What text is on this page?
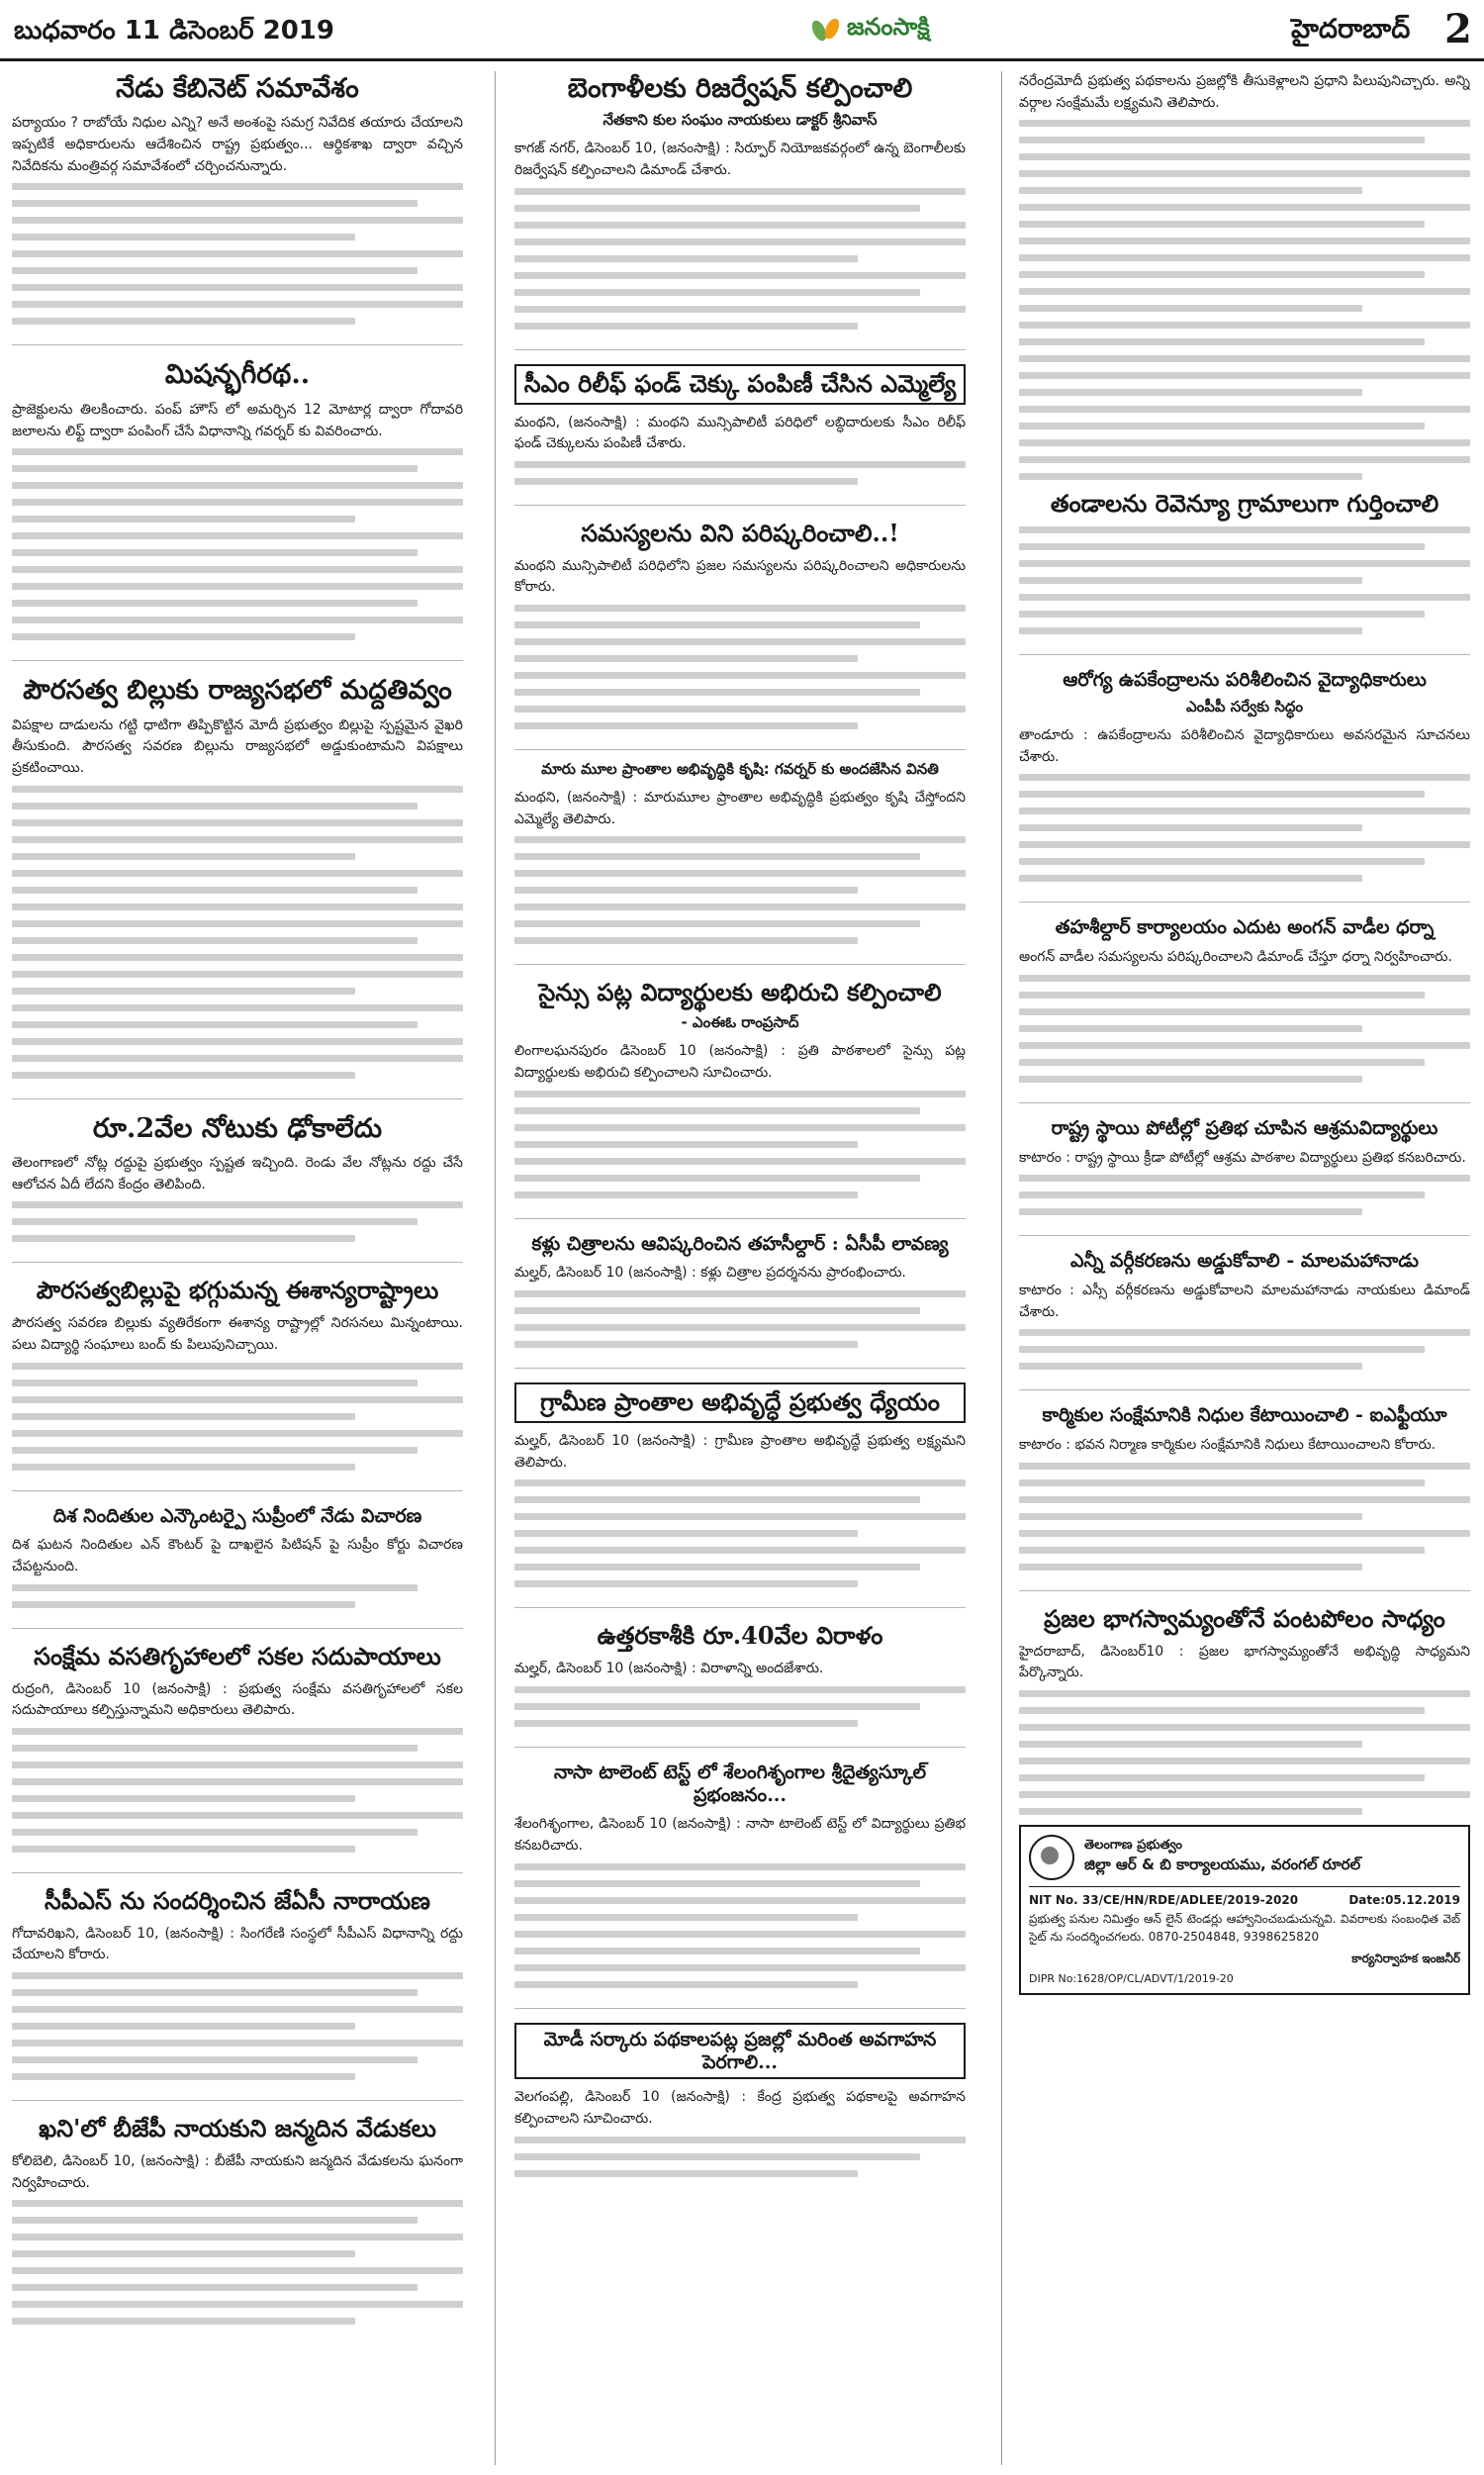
బుధవారం 11 డిసెంబర్ 2019	జనంసాక్షి	హైదరాబాద్ 2
నేడు కేబినెట్ సమావేశం

పర్యాయం ? రాబోయే నిధుల ఎన్ని? అనే అంశంపై సమగ్ర నివేదిక తయారు చేయాలని ఇప్పటికే అధికారులను ఆదేశించిన రాష్ట్ర ప్రభుత్వం... ఆర్థికశాఖ ద్వారా వచ్చిన నివేదికను మంత్రివర్గ సమావేశంలో చర్చించనున్నారు.

మిషన్భగీరథ..

ప్రాజెక్టులను తిలకించారు. పంప్ హౌస్ లో అమర్చిన 12 మోటార్ల ద్వారా గోదావరి జలాలను లిఫ్ట్ ద్వారా పంపింగ్ చేసే విధానాన్ని గవర్నర్ కు వివరించారు.

పౌరసత్వ బిల్లుకు రాజ్యసభలో మద్దతివ్వం

విపక్షాల దాడులను గట్టి ధాటిగా తిప్పికొట్టిన మోదీ ప్రభుత్వం బిల్లుపై స్పష్టమైన వైఖరి తీసుకుంది. పౌరసత్వ సవరణ బిల్లును రాజ్యసభలో అడ్డుకుంటామని విపక్షాలు ప్రకటించాయి.

రూ.2వేల నోటుకు ఢోకాలేదు

తెలంగాణలో నోట్ల రద్దుపై ప్రభుత్వం స్పష్టత ఇచ్చింది. రెండు వేల నోట్లను రద్దు చేసే ఆలోచన ఏదీ లేదని కేంద్రం తెలిపింది.

పౌరసత్వబిల్లుపై భగ్గుమన్న ఈశాన్యరాష్ట్రాలు

పౌరసత్వ సవరణ బిల్లుకు వ్యతిరేకంగా ఈశాన్య రాష్ట్రాల్లో నిరసనలు మిన్నంటాయి. పలు విద్యార్థి సంఘాలు బంద్ కు పిలుపునిచ్చాయి.

దిశ నిందితుల ఎన్కౌంటర్పై సుప్రీంలో నేడు విచారణ

దిశ ఘటన నిందితుల ఎన్ కౌంటర్ పై దాఖలైన పిటిషన్ పై సుప్రీం కోర్టు విచారణ చేపట్టనుంది.

సంక్షేమ వసతిగృహాలలో సకల సదుపాయాలు

రుద్రంగి, డిసెంబర్ 10 (జనంసాక్షి) : ప్రభుత్వ సంక్షేమ వసతిగృహాలలో సకల సదుపాయాలు కల్పిస్తున్నామని అధికారులు తెలిపారు.

సీపీఎస్ ను సందర్శించిన జేఏసీ నారాయణ

గోదావరిఖని, డిసెంబర్ 10, (జనంసాక్షి) : సింగరేణి సంస్థలో సీపీఎస్ విధానాన్ని రద్దు చేయాలని కోరారు.

ఖని'లో బీజేపీ నాయకుని జన్మదిన వేడుకలు

కోలిబెలి, డిసెంబర్ 10, (జనంసాక్షి) : బీజేపీ నాయకుని జన్మదిన వేడుకలను ఘనంగా నిర్వహించారు.

బెంగాళీలకు రిజర్వేషన్ కల్పించాలి
నేతకాని కుల సంఘం నాయకులు డాక్టర్ శ్రీనివాస్

కాగజ్ నగర్, డిసెంబర్ 10, (జనంసాక్షి) : సిర్పూర్ నియోజకవర్గంలో ఉన్న బెంగాలీలకు రిజర్వేషన్ కల్పించాలని డిమాండ్ చేశారు.

సీఎం రిలీఫ్ ఫండ్ చెక్కు పంపిణీ చేసిన ఎమ్మెల్యే

మంథని, (జనంసాక్షి) : మంథని మున్సిపాలిటీ పరిధిలో లబ్ధిదారులకు సీఎం రిలీఫ్ ఫండ్ చెక్కులను పంపిణీ చేశారు.

సమస్యలను విని పరిష్కరించాలి..!

మంథని మున్సిపాలిటీ పరిధిలోని ప్రజల సమస్యలను పరిష్కరించాలని అధికారులను కోరారు.

మారు మూల ప్రాంతాల అభివృద్ధికి కృషి: గవర్నర్ కు అందజేసిన వినతి

మంథని, (జనంసాక్షి) : మారుమూల ప్రాంతాల అభివృద్ధికి ప్రభుత్వం కృషి చేస్తోందని ఎమ్మెల్యే తెలిపారు.

సైన్సు పట్ల విద్యార్థులకు అభిరుచి కల్పించాలి
- ఎంఈఓ రాంప్రసాద్

లింగాలఘనపురం డిసెంబర్ 10 (జనంసాక్షి) : ప్రతి పాఠశాలలో సైన్సు పట్ల విద్యార్థులకు అభిరుచి కల్పించాలని సూచించారు.

కళ్లు చిత్రాలను ఆవిష్కరించిన తహసీల్దార్ : ఏసీపీ లావణ్య

మల్హర్, డిసెంబర్ 10 (జనంసాక్షి) : కళ్లు చిత్రాల ప్రదర్శనను ప్రారంభించారు.

గ్రామీణ ప్రాంతాల అభివృద్ధే ప్రభుత్వ ధ్యేయం

మల్హర్, డిసెంబర్ 10 (జనంసాక్షి) : గ్రామీణ ప్రాంతాల అభివృద్ధే ప్రభుత్వ లక్ష్యమని తెలిపారు.

ఉత్తరకాశీకి రూ.40వేల విరాళం

మల్హర్, డిసెంబర్ 10 (జనంసాక్షి) : విరాళాన్ని అందజేశారు.

నాసా టాలెంట్ టెస్ట్ లో శేలంగిశృంగాల శ్రీదైత్యస్కూల్ ప్రభంజనం...

శేలంగిశృంగాల, డిసెంబర్ 10 (జనంసాక్షి) : నాసా టాలెంట్ టెస్ట్ లో విద్యార్థులు ప్రతిభ కనబరిచారు.

మోడీ సర్కారు పథకాలపట్ల ప్రజల్లో మరింత అవగాహన పెరగాలి...

వెలగంపల్లి, డిసెంబర్ 10 (జనంసాక్షి) : కేంద్ర ప్రభుత్వ పథకాలపై అవగాహన కల్పించాలని సూచించారు.

నరేంద్రమోదీ ప్రభుత్వ పథకాలను ప్రజల్లోకి తీసుకెళ్లాలని ప్రధాని పిలుపునిచ్చారు. అన్ని వర్గాల సంక్షేమమే లక్ష్యమని తెలిపారు.

తండాలను రెవెన్యూ గ్రామాలుగా గుర్తించాలి
ఆరోగ్య ఉపకేంద్రాలను పరిశీలించిన వైద్యాధికారులు
ఎంపీపీ సర్వేకు సిద్ధం

తాండూరు : ఉపకేంద్రాలను పరిశీలించిన వైద్యాధికారులు అవసరమైన సూచనలు చేశారు.

తహశీల్దార్ కార్యాలయం ఎదుట అంగన్ వాడీల ధర్నా

అంగన్ వాడీల సమస్యలను పరిష్కరించాలని డిమాండ్ చేస్తూ ధర్నా నిర్వహించారు.

రాష్ట్ర స్థాయి పోటీల్లో ప్రతిభ చూపిన ఆశ్రమవిద్యార్థులు

కాటారం : రాష్ట్ర స్థాయి క్రీడా పోటీల్లో ఆశ్రమ పాఠశాల విద్యార్థులు ప్రతిభ కనబరిచారు.

ఎన్నీ వర్గీకరణను అడ్డుకోవాలి - మాలమహానాడు

కాటారం : ఎస్సీ వర్గీకరణను అడ్డుకోవాలని మాలమహానాడు నాయకులు డిమాండ్ చేశారు.

కార్మికుల సంక్షేమానికి నిధుల కేటాయించాలి - ఐఎఫ్టీయూ

కాటారం : భవన నిర్మాణ కార్మికుల సంక్షేమానికి నిధులు కేటాయించాలని కోరారు.

ప్రజల భాగస్వామ్యంతోనే పంటపోలం సాధ్యం

హైదరాబాద్, డిసెంబర్10 : ప్రజల భాగస్వామ్యంతోనే అభివృద్ధి సాధ్యమని పేర్కొన్నారు.

తెలంగాణ ప్రభుత్వం
జిల్లా ఆర్ & బి కార్యాలయము, వరంగల్ రూరల్
NIT No. 33/CE/HN/RDE/ADLEE/2019-2020	Date:05.12.2019

ప్రభుత్వ పనుల నిమిత్తం ఆన్ లైన్ టెండర్లు ఆహ్వానించబడుచున్నవి. వివరాలకు సంబంధిత వెబ్ సైట్ ను సందర్శించగలరు. 0870-2504848, 9398625820

కార్యనిర్వాహక ఇంజనీర్
DIPR No:1628/OP/CL/ADVT/1/2019-20
